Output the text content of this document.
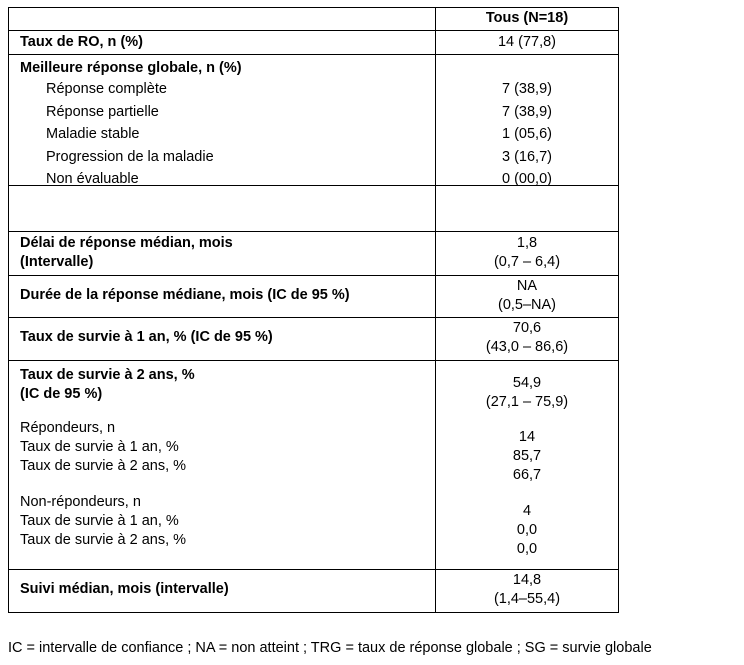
Tous (N=18)
Taux de RO, n (%)	14 (77,8)
Meilleure réponse globale, n (%)
Réponse complète
Réponse partielle
Maladie stable
Progression de la maladie
Non évaluable
7 (38,9)
7 (38,9)
1 (05,6)
3 (16,7)
0 (00,0)
Délai de réponse médian, mois
(Intervalle)
1,8
(0,7 – 6,4)
Durée de la réponse médiane, mois (IC de 95 %)
NA
(0,5–NA)
Taux de survie à 1 an, % (IC de 95 %)
70,6
(43,0 – 86,6)
Taux de survie à 2 ans, %
(IC de 95 %)
Répondeurs, n
Taux de survie à 1 an, %
Taux de survie à 2 ans, %
Non-répondeurs, n
Taux de survie à 1 an, %
Taux de survie à 2 ans, %
54,9
(27,1 – 75,9)
14
85,7
66,7
4
0,0
0,0
Suivi médian, mois (intervalle)
14,8
(1,4–55,4)
IC = intervalle de confiance ; NA = non atteint ; TRG = taux de réponse globale ; SG = survie globale
